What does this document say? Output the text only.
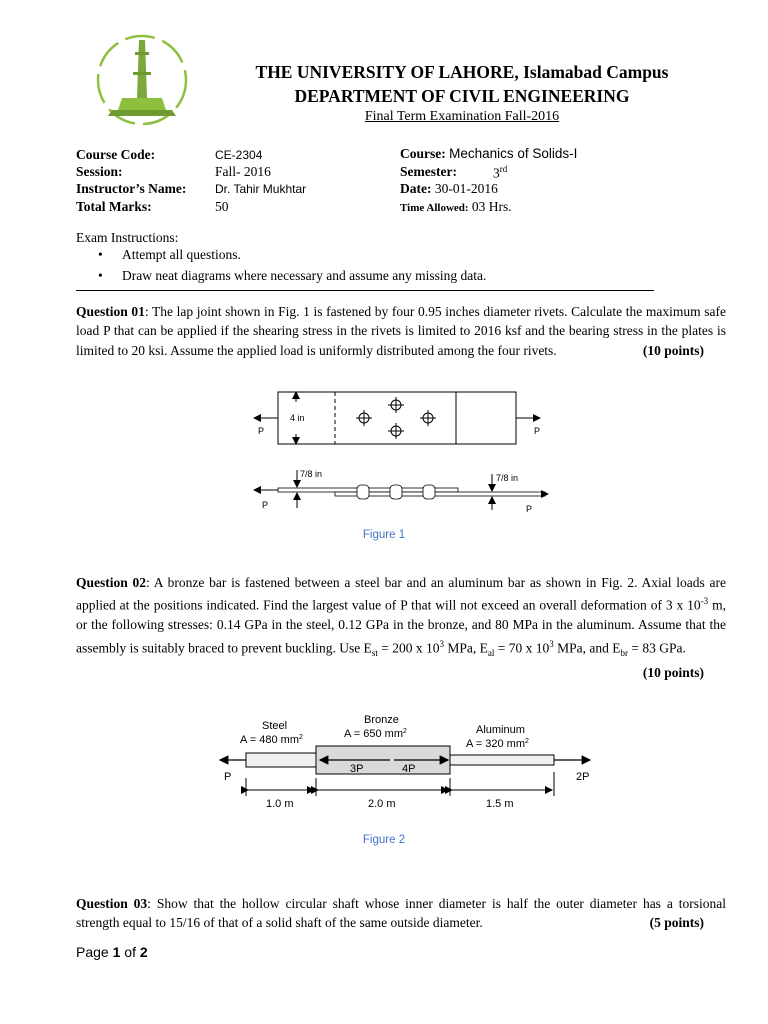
THE UNIVERSITY OF LAHORE, Islamabad Campus
DEPARTMENT OF CIVIL ENGINEERING
Final Term Examination Fall-2016
Course Code:	CE-2304
Session:	Fall- 2016
Instructor’s Name: Dr. Tahir Mukhtar
Total Marks:	50
Course: Mechanics of Solids-I
Semester:	3rd
Date: 30-01-2016
Time Allowed: 03 Hrs.
Exam Instructions:
• Attempt all questions.
• Draw neat diagrams where necessary and assume any missing data.
Question 01: The lap joint shown in Fig. 1 is fastened by four 0.95 inches diameter rivets. Calculate the maximum safe load P that can be applied if the shearing stress in the rivets is limited to 2016 ksf and the bearing stress in the plates is limited to 20 ksi. Assume the applied load is uniformly distributed among the four rivets.	(10 points)
4 in
P	P
P	P
7/8 in	7/8 in
Figure 1
Question 02: A bronze bar is fastened between a steel bar and an aluminum bar as shown in Fig. 2. Axial loads are applied at the positions indicated. Find the largest value of P that will not exceed an overall deformation of 3 x $10^{-3}$ m, or the following stresses: 0.14 GPa in the steel, 0.12 GPa in the bronze, and 80 MPa in the aluminum. Assume that the assembly is suitably braced to prevent buckling. Use $E_{st} = 200$ x $10^3$ MPa, $E_{al} = 70$ x $10^3$ MPa, and $E_{br} = 83$ GPa.
(10 points)
Steel
A = 480 $mm^2$
Bronze
A = 650 $mm^2$	Aluminum
A = 320 $mm^2$
P
3P	4P
2P
1.0 m	2.0 m	1.5 m
Figure 2
Question 03: Show that the hollow circular shaft whose inner diameter is half the outer diameter has a torsional strength equal to 15/16 of that of a solid shaft of the same outside diameter.	(5 points)
Page 1 of 2
